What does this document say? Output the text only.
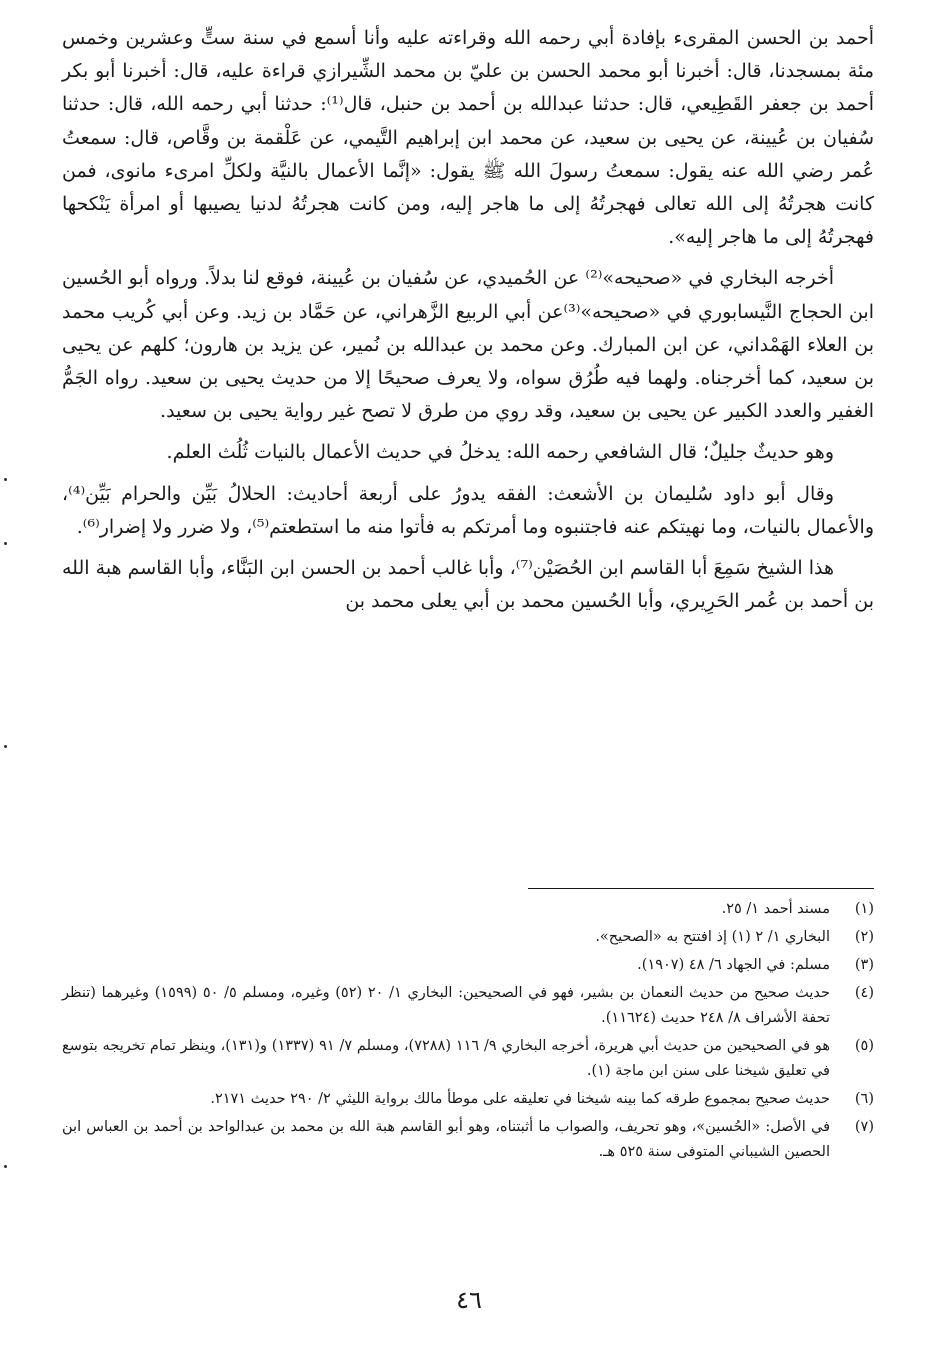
أحمد بن الحسن المقرىء بإفادة أبي رحمه الله وقراءته عليه وأنا أسمع في سنة ستٍّ وعشرين وخمس مئة بمسجدنا، قال: أخبرنا أبو محمد الحسن بن عليّ بن محمد الشِّيرازي قراءة عليه، قال: أخبرنا أبو بكر أحمد بن جعفر القَطِيعي، قال: حدثنا عبدالله بن أحمد بن حنبل، قال⁽¹⁾: حدثنا أبي رحمه الله، قال: حدثنا سُفيان بن عُيينة، عن يحيى بن سعيد، عن محمد ابن إبراهيم التَّيمي، عن عَلْقمة بن وقَّاص، قال: سمعتُ عُمر رضي الله عنه يقول: سمعتُ رسولَ الله ﷺ يقول: «إنَّما الأعمال بالنيَّة ولكلِّ امرىء مانوى، فمن كانت هجرتُهُ إلى الله تعالى فهجرتُهُ إلى ما هاجر إليه، ومن كانت هجرتُهُ لدنيا يصيبها أو امرأة يَنْكحها فهجرتُهُ إلى ما هاجر إليه».

أخرجه البخاري في «صحيحه»⁽²⁾ عن الحُميدي، عن سُفيان بن عُيينة، فوقع لنا بدلاً. ورواه أبو الحُسين ابن الحجاج النَّيسابوري في «صحيحه»⁽³⁾عن أبي الربيع الزَّهراني، عن حَمَّاد بن زيد. وعن أبي كُريب محمد بن العلاء الهَمْداني، عن ابن المبارك. وعن محمد بن عبدالله بن نُمير، عن يزيد بن هارون؛ كلهم عن يحيى بن سعيد، كما أخرجناه. ولهما فيه طُرُق سواه، ولا يعرف صحيحًا إلا من حديث يحيى بن سعيد. رواه الجَمُّ الغفير والعدد الكبير عن يحيى بن سعيد، وقد روي من طرق لا تصح غير رواية يحيى بن سعيد.

وهو حديثٌ جليلٌ؛ قال الشافعي رحمه الله: يدخلُ في حديث الأعمال بالنيات ثُلُث العلم.

وقال أبو داود سُليمان بن الأشعث: الفقه يدورُ على أربعة أحاديث: الحلالُ بَيِّن والحرام بَيِّن⁽⁴⁾، والأعمال بالنيات، وما نهيتكم عنه فاجتنبوه وما أمرتكم به فأتوا منه ما استطعتم⁽⁵⁾، ولا ضرر ولا إضرار⁽⁶⁾.

هذا الشيخ سَمِعَ أبا القاسم ابن الحُصَيْن⁽⁷⁾، وأبا غالب أحمد بن الحسن ابن البَنَّاء، وأبا القاسم هبة الله بن أحمد بن عُمر الحَرِيري، وأبا الحُسين محمد بن أبي يعلى محمد بن

(١)
مسند أحمد ١/ ٢٥.
(٢)
البخاري ١/ ٢ (١) إذ افتتح به «الصحيح».
(٣)
مسلم: في الجهاد ٦/ ٤٨ (١٩٠٧).
(٤)
حديث صحيح من حديث النعمان بن بشير، فهو في الصحيحين: البخاري ١/ ٢٠ (٥٢) وغيره، ومسلم ٥/ ٥٠ (١٥٩٩) وغيرهما (تنظر تحفة الأشراف ٨/ ٢٤٨ حديث (١١٦٢٤).
(٥)
هو في الصحيحين من حديث أبي هريرة، أخرجه البخاري ٩/ ١١٦ (٧٢٨٨)، ومسلم ٧/ ٩١ (١٣٣٧) و(١٣١)، وينظر تمام تخريجه بتوسع في تعليق شيخنا على سنن ابن ماجة (١).
(٦)
حديث صحيح بمجموع طرقه كما بينه شيخنا في تعليقه على موطأ مالك برواية الليثي ٢/ ٢٩٠ حديث ٢١٧١.
(٧)
في الأصل: «الحُسين»، وهو تحريف، والصواب ما أثبتناه، وهو أبو القاسم هبة الله بن محمد بن عبدالواحد بن أحمد بن العباس ابن الحصين الشيباني المتوفى سنة ٥٢٥ هـ.
٤٦
